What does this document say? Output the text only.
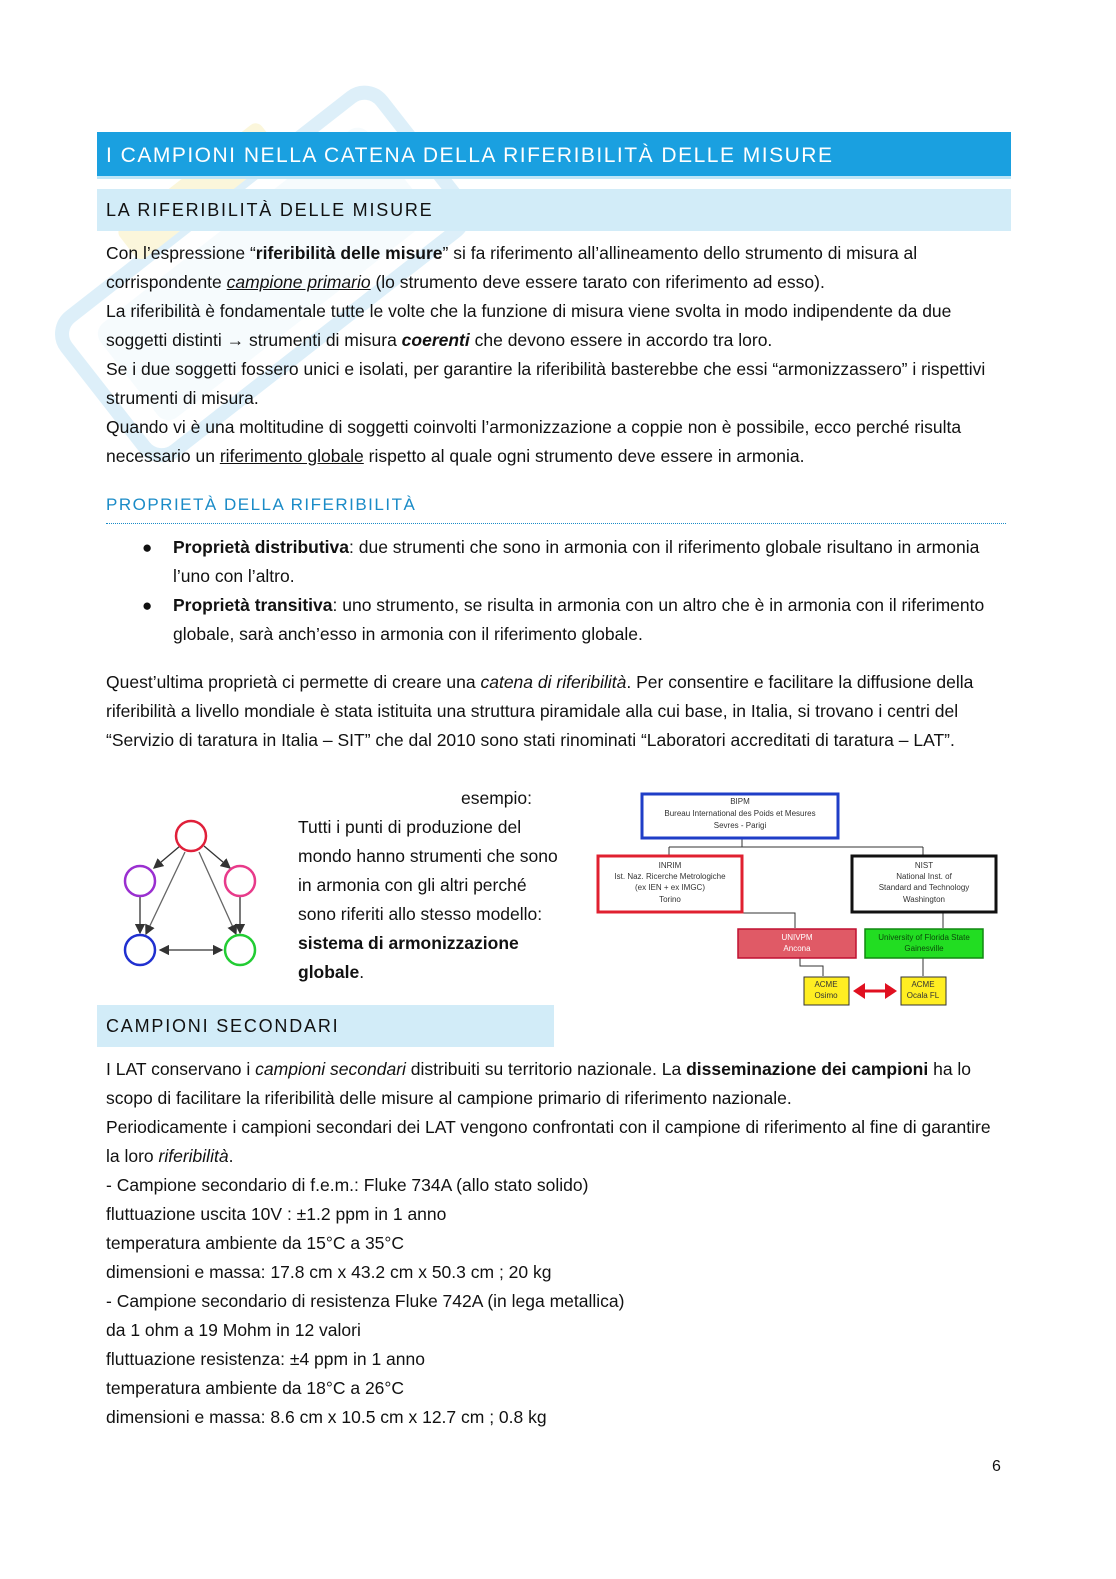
I CAMPIONI NELLA CATENA DELLA RIFERIBILITÀ DELLE MISURE
LA RIFERIBILITÀ DELLE MISURE

Con l’espressione “riferibilità delle misure” si fa riferimento all’allineamento dello strumento di misura al corrispondente campione primario (lo strumento deve essere tarato con riferimento ad esso).

La riferibilità è fondamentale tutte le volte che la funzione di misura viene svolta in modo indipendente da due soggetti distinti → strumenti di misura coerenti che devono essere in accordo tra loro.

Se i due soggetti fossero unici e isolati, per garantire la riferibilità basterebbe che essi “armonizzassero” i rispettivi strumenti di misura.

Quando vi è una moltitudine di soggetti coinvolti l’armonizzazione a coppie non è possibile, ecco perché risulta necessario un riferimento globale rispetto al quale ogni strumento deve essere in armonia.

PROPRIETÀ DELLA RIFERIBILITÀ
● Proprietà distributiva: due strumenti che sono in armonia con il riferimento globale risultano in armonia l’uno con l’altro.
● Proprietà transitiva: uno strumento, se risulta in armonia con un altro che è in armonia con il riferimento globale, sarà anch’esso in armonia con il riferimento globale.

Quest’ultima proprietà ci permette di creare una catena di riferibilità. Per consentire e facilitare la diffusione della riferibilità a livello mondiale è stata istituita una struttura piramidale alla cui base, in Italia, si trovano i centri del “Servizio di taratura in Italia – SIT” che dal 2010 sono stati rinominati “Laboratori accreditati di taratura – LAT”.

esempio:

Tutti i punti di produzione del mondo hanno strumenti che sono in armonia con gli altri perché sono riferiti allo stesso modello: sistema di armonizzazione globale.

BIPM
Bureau International des Poids et Mesures
Sevres - Parigi
INRIM
Ist. Naz. Ricerche Metrologiche
(ex IEN + ex IMGC)
Torino
NIST
National Inst. of
Standard and Technology
Washington
UNIVPM
Ancona
University of Florida State
Gainesville
ACME
Osimo
ACME
Ocala FL
CAMPIONI SECONDARI

I LAT conservano i campioni secondari distribuiti su territorio nazionale. La disseminazione dei campioni ha lo scopo di facilitare la riferibilità delle misure al campione primario di riferimento nazionale.

Periodicamente i campioni secondari dei LAT vengono confrontati con il campione di riferimento al fine di garantire la loro riferibilità.

- Campione secondario di f.e.m.: Fluke 734A (allo stato solido)
fluttuazione uscita 10V : ±1.2 ppm in 1 anno
temperatura ambiente da 15°C a 35°C
dimensioni e massa: 17.8 cm x 43.2 cm x 50.3 cm ; 20 kg
- Campione secondario di resistenza Fluke 742A (in lega metallica)
da 1 ohm a 19 Mohm in 12 valori
fluttuazione resistenza: ±4 ppm in 1 anno
temperatura ambiente da 18°C a 26°C
dimensioni e massa: 8.6 cm x 10.5 cm x 12.7 cm ; 0.8 kg
6
